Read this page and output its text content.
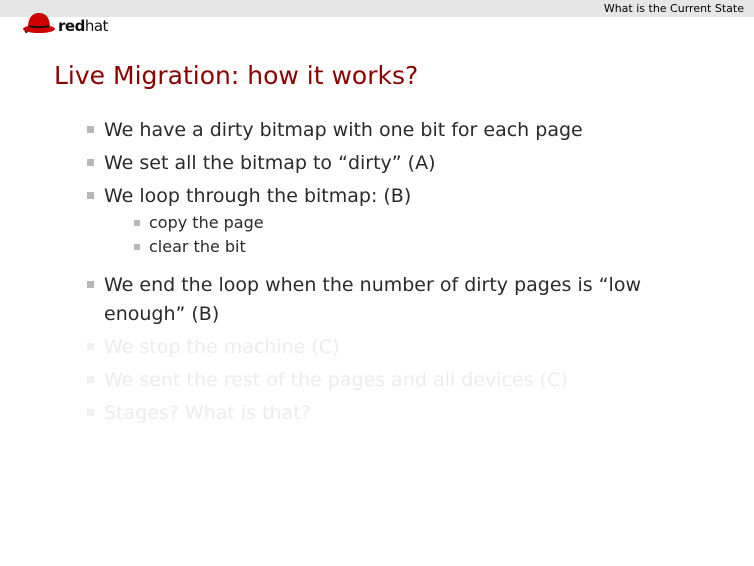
What is the Current State
redhat
Live Migration: how it works?
We have a dirty bitmap with one bit for each page
We set all the bitmap to “dirty” (A)
We loop through the bitmap: (B)
copy the page
clear the bit
We end the loop when the number of dirty pages is “low enough” (B)
We stop the machine (C)
We sent the rest of the pages and all devices (C)
Stages? What is that?
